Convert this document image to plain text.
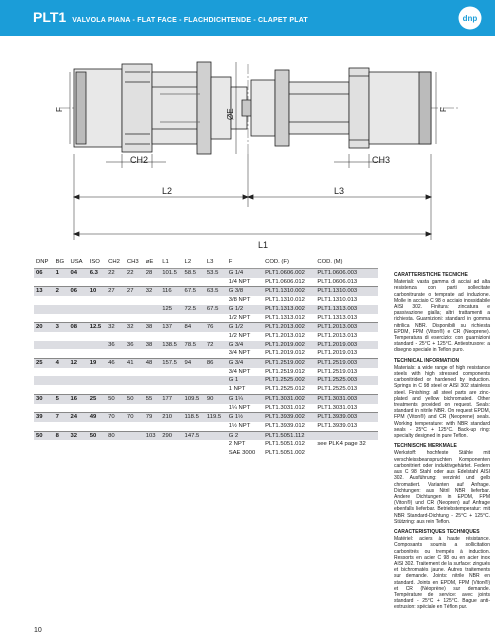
PLT1 VALVOLA PIANA - FLAT FACE - FLACHDICHTENDE - CLAPET PLAT	dnp
F	F
ØE
CH2	CH3
L2	L3
L1
DNP	BG	USA	ISO	CH2	CH3	øE	L1	L2	L3	F	COD. (F)	COD. (M)
06	1	04	6.3	22	22	28	101.5	58.5	53.5	G 1/4	PLT1.0606.002	PLT1.0606.003
										1/4 NPT	PLT1.0606.012	PLT1.0606.013
13	2	06	10	27	27	32	116	67.5	63.5	G 3/8	PLT1.1310.002	PLT1.1310.003
										3/8 NPT	PLT1.1310.012	PLT1.1310.013
							125	72.5	67.5	G 1/2	PLT1.1313.002	PLT1.1313.003
										1/2 NPT	PLT1.1313.012	PLT1.1313.013
20	3	08	12.5	32	32	38	137	84	76	G 1/2	PLT1.2013.002	PLT1.2013.003
										1/2 NPT	PLT1.2013.012	PLT1.2013.013
				36	36	38	138.5	78.5	72	G 3/4	PLT1.2019.002	PLT1.2019.003
										3/4 NPT	PLT1.2019.012	PLT1.2019.013
25	4	12	19	46	41	48	157.5	94	86	G 3/4	PLT1.2519.002	PLT1.2519.003
										3/4 NPT	PLT1.2519.012	PLT1.2519.013
										G 1	PLT1.2525.002	PLT1.2525.003
										1 NPT	PLT1.2525.012	PLT1.2525.013
30	5	16	25	50	50	55	177	109.5	90	G 1¼	PLT1.3031.002	PLT1.3031.003
										1¼ NPT	PLT1.3031.012	PLT1.3031.013
39	7	24	49	70	70	79	210	118.5	119.5	G 1½	PLT1.3939.002	PLT1.3939.003
										1½ NPT	PLT1.3939.012	PLT1.3939.013
50	8	32	50	80		103	290	147.5		G 2	PLT1.5051.112	
										2 NPT	PLT1.5051.012	see PLK4 page 32
										SAE 3000	PLT1.5051.002	
CARATTERISTICHE TECNICHE

Materiali: vasta gamma di acciai ad alta resistenza con parti sollecitate carbonitrurate o temprate ad induzione. Molle in acciaio C 98 o acciaio inossidabile AISI 302. Finitura: zincatura e passivazione gialla; altri trattamenti a richiesta. Guarnizioni: standard in gomma nitrilica NBR. Disponibili su richiesta EPDM, FPM (Viton®) e CR (Neoprene). Temperatura di esercizio: con guarnizioni standard - 25°C + 125°C. Antiestrusore: a disegno speciale in Teflon puro.

TECHNICAL INFORMATION

Materials: a wide range of high resistance steels with high stressed components carbonitrided or hardened by induction. Springs in C 98 steel or AISI 302 stainless steel. Finishing: all steel parts are zinc-plated and yellow bichromated. Other treatments provided on request. Seals: standard in nitrile NBR. On request EPDM, FPM (Viton®) and CR (Neoprene) seals. Working temperature: with NBR standard seals - 25°C + 125°C. Back-up ring: specialty designed in pure Teflon.

TECHNISCHE MERKMALE

Werkstoff: hochfeste Stähle mit verschleissbeanspruchten Komponenten carbonitriert oder induktivgehärtet. Federn aus C 98 Stahl oder aus Edelstahl AISI 302. Ausführung: verzinkt und gelb chromatiert. Varianten auf Anfrage. Dichtungen: aus Nitril NBR lieferbar. Andere Dichtungen in EPDM, FPM (Viton®) und CR (Neopren) auf Anfrage ebenfalls lieferbar. Betriebstemperatur: mit NBR Standard-Dichtung - 25°C + 125°C. Stützring: aus rein Teflon.

CARACTERISTIQUES TECHNIQUES

Matériel: aciers à haute résistance. Composants soumis a sollicitation carbonitrés ou trempés à induction. Ressorts en acier C 98 ou en acier inox AISI 302. Traitement de la surface: zingués et bichromatés jaune. Autres traitements sur demande. Joints: nitrile NBR en standard. Joints en EPDM, FPM (Viton®) et CR (Néoprène) sur demande. Température de service: avec joints standard - 25°C + 125°C. Bague anti-extrusion: spéciale en Téflon pur.

10
